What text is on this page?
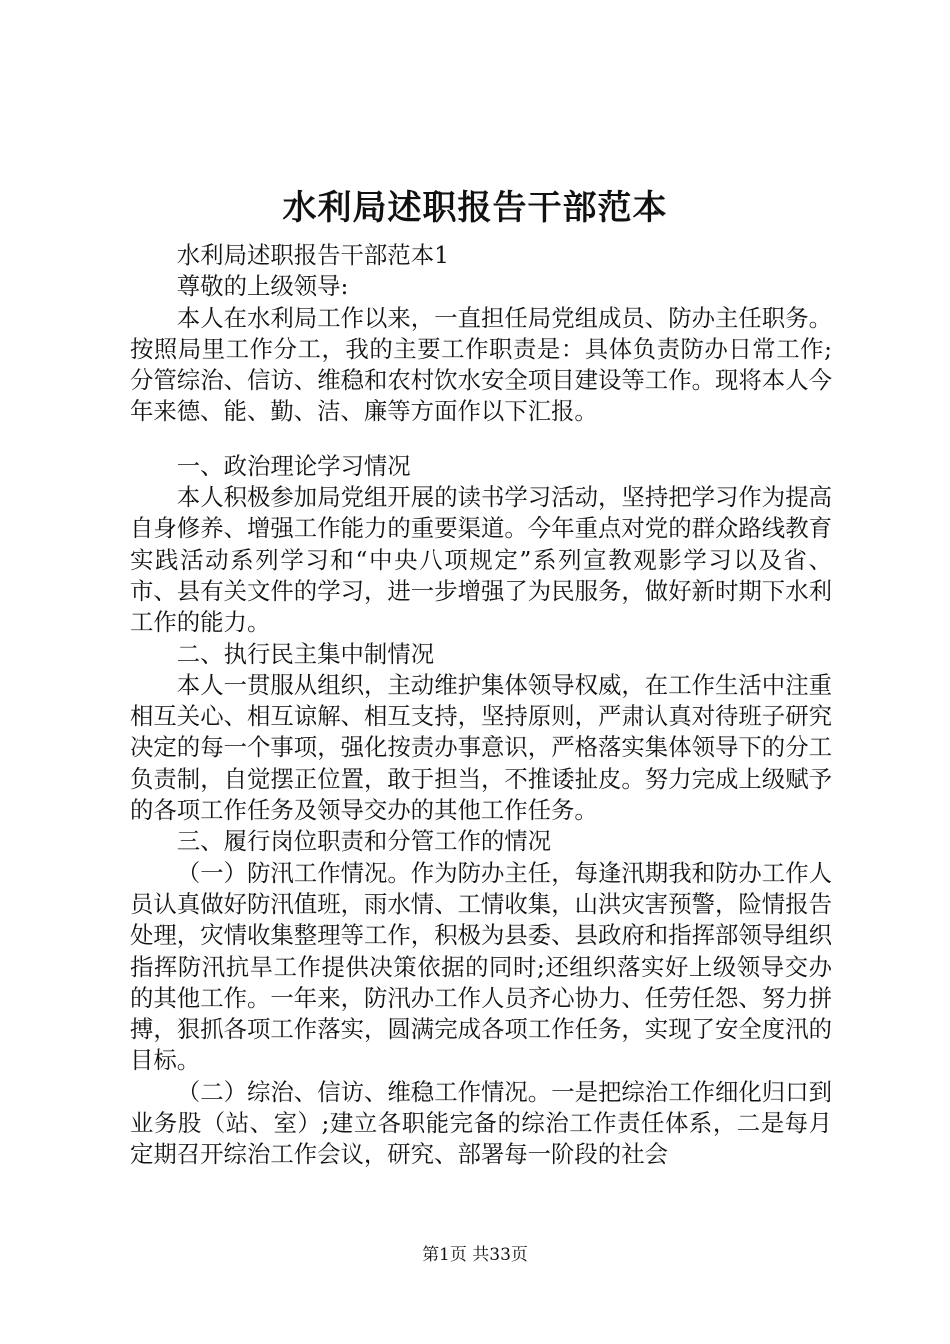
水利局述职报告干部范本

水利局述职报告干部范本1

尊敬的上级领导:

本人在水利局工作以来，一直担任局党组成员、防办主任职务。按照局里工作分工，我的主要工作职责是：具体负责防办日常工作;分管综治、信访、维稳和农村饮水安全项目建设等工作。现将本人今年来德、能、勤、洁、廉等方面作以下汇报。

一、政治理论学习情况

本人积极参加局党组开展的读书学习活动，坚持把学习作为提高自身修养、增强工作能力的重要渠道。今年重点对党的群众路线教育实践活动系列学习和“中央八项规定”系列宣教观影学习以及省、市、县有关文件的学习，进一步增强了为民服务，做好新时期下水利工作的能力。

二、执行民主集中制情况

本人一贯服从组织，主动维护集体领导权威，在工作生活中注重相互关心、相互谅解、相互支持，坚持原则，严肃认真对待班子研究决定的每一个事项，强化按责办事意识，严格落实集体领导下的分工负责制，自觉摆正位置，敢于担当，不推诿扯皮。努力完成上级赋予的各项工作任务及领导交办的其他工作任务。

三、履行岗位职责和分管工作的情况

（一）防汛工作情况。作为防办主任，每逢汛期我和防办工作人员认真做好防汛值班，雨水情、工情收集，山洪灾害预警，险情报告处理，灾情收集整理等工作，积极为县委、县政府和指挥部领导组织指挥防汛抗旱工作提供决策依据的同时;还组织落实好上级领导交办的其他工作。一年来，防汛办工作人员齐心协力、任劳任怨、努力拼搏，狠抓各项工作落实，圆满完成各项工作任务，实现了安全度汛的目标。

（二）综治、信访、维稳工作情况。一是把综治工作细化归口到业务股（站、室）;建立各职能完备的综治工作责任体系，二是每月定期召开综治工作会议，研究、部署每一阶段的社会

第1页 共33页
